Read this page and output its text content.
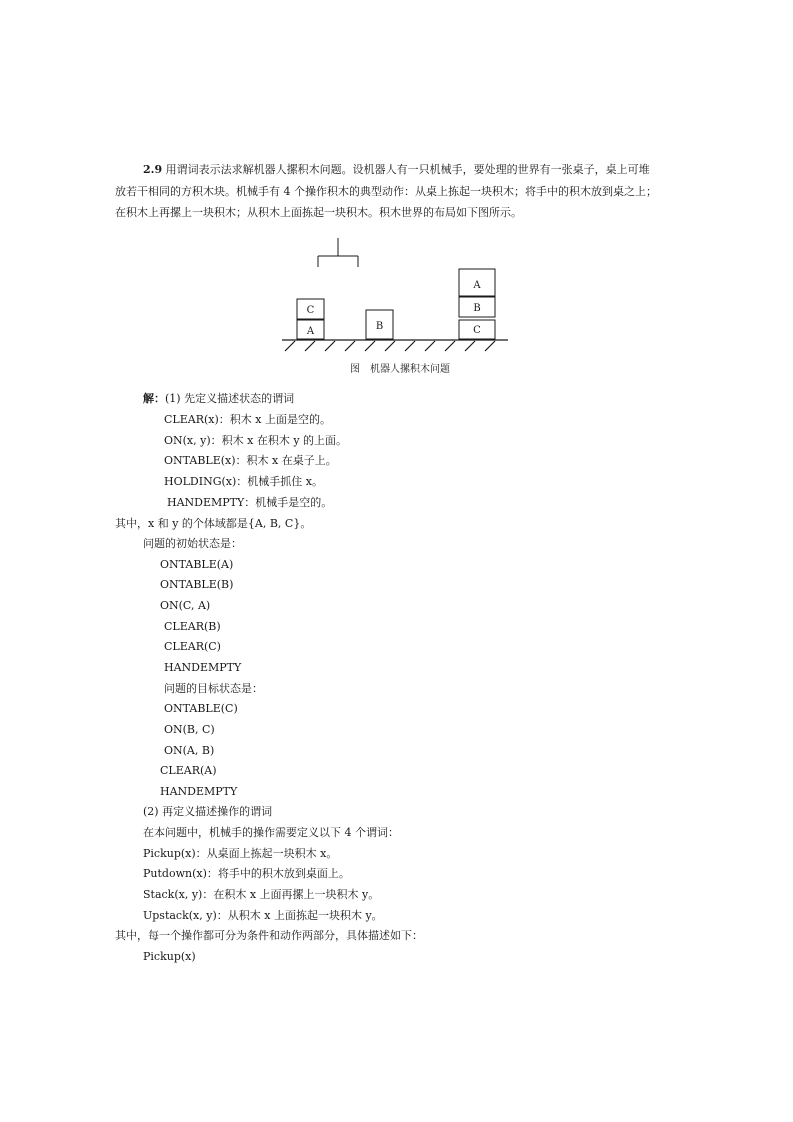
2.9 用谓词表示法求解机器人摞积木问题。设机器人有一只机械手，要处理的世界有一张桌子，桌上可堆
放若干相同的方积木块。机械手有 4 个操作积木的典型动作：从桌上拣起一块积木；将手中的积木放到桌之上；
在积木上再摞上一块积木；从积木上面拣起一块积木。积木世界的布局如下图所示。
C
A	B
A
B
C
图　机器人摞积木问题
解：(1) 先定义描述状态的谓词
CLEAR(x)：积木 x 上面是空的。
ON(x, y)：积木 x 在积木 y 的上面。
ONTABLE(x)：积木 x 在桌子上。
HOLDING(x)：机械手抓住 x。
HANDEMPTY：机械手是空的。
其中，x 和 y 的个体域都是{A, B, C}。
问题的初始状态是：
ONTABLE(A)
ONTABLE(B)
ON(C, A)
CLEAR(B)
CLEAR(C)
HANDEMPTY
问题的目标状态是：
ONTABLE(C)
ON(B, C)
ON(A, B)
CLEAR(A)
HANDEMPTY
(2) 再定义描述操作的谓词
在本问题中，机械手的操作需要定义以下 4 个谓词：
Pickup(x)：从桌面上拣起一块积木 x。
Putdown(x)：将手中的积木放到桌面上。
Stack(x, y)：在积木 x 上面再摞上一块积木 y。
Upstack(x, y)：从积木 x 上面拣起一块积木 y。
其中，每一个操作都可分为条件和动作两部分，具体描述如下：
Pickup(x)
